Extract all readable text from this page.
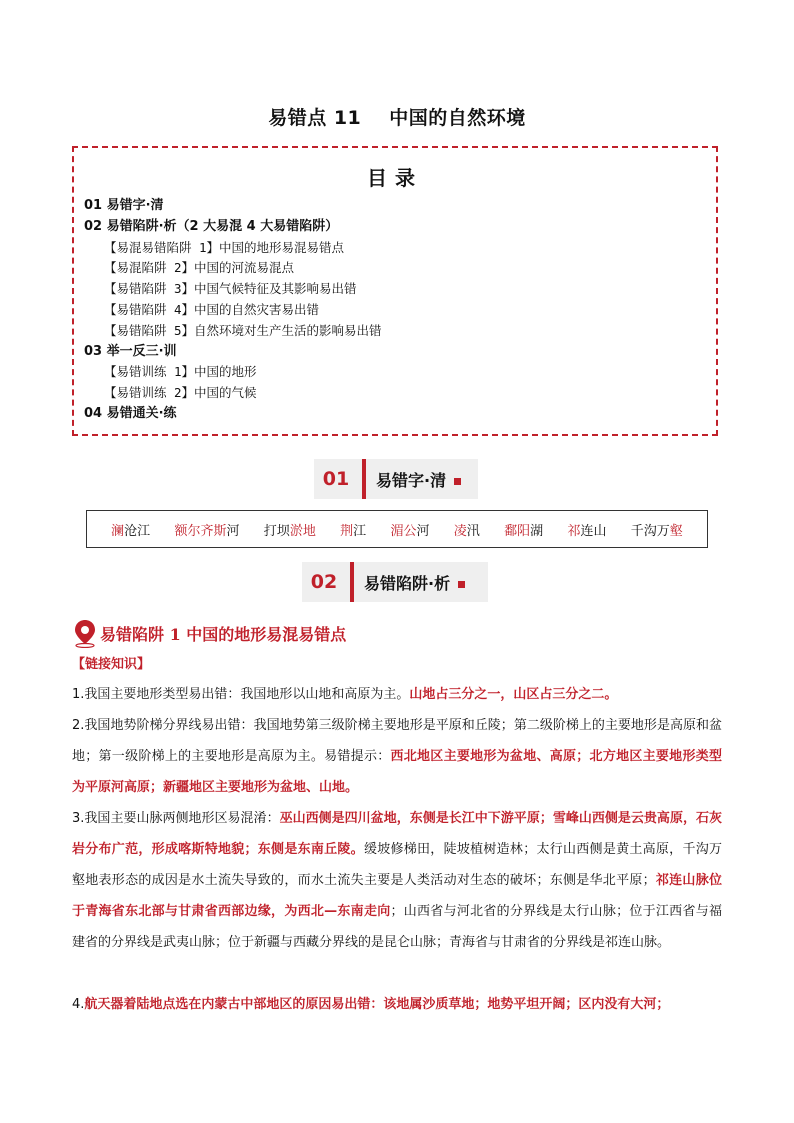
易错点 11 中国的自然环境
目录
01 易错字·清
02 易错陷阱·析（2 大易混 4 大易错陷阱）
【易混易错陷阱 1】中国的地形易混易错点
【易混陷阱 2】中国的河流易混点
【易错陷阱 3】中国气候特征及其影响易出错
【易错陷阱 4】中国的自然灾害易出错
【易错陷阱 5】自然环境对生产生活的影响易出错
03 举一反三·训
【易错训练 1】中国的地形
【易错训练 2】中国的气候
04 易错通关·练
01 易错字·清
澜沧江 额尔齐斯河 打坝淤地 荆江 湄公河 凌汛 鄱阳湖 祁连山 千沟万壑
02 易错陷阱·析
易错陷阱 1 中国的地形易混易错点
【链接知识】
1.我国主要地形类型易出错：我国地形以山地和高原为主。山地占三分之一，山区占三分之二。
2.我国地势阶梯分界线易出错：我国地势第三级阶梯主要地形是平原和丘陵；第二级阶梯上的主要地形是高原和盆地；第一级阶梯上的主要地形是高原为主。易错提示：西北地区主要地形为盆地、高原；北方地区主要地形类型为平原河高原；新疆地区主要地形为盆地、山地。
3.我国主要山脉两侧地形区易混淆：巫山西侧是四川盆地，东侧是长江中下游平原；雪峰山西侧是云贵高原，石灰岩分布广范，形成喀斯特地貌；东侧是东南丘陵。缓坡修梯田，陡坡植树造林；太行山西侧是黄土高原，千沟万壑地表形态的成因是水土流失导致的，而水土流失主要是人类活动对生态的破坏；东侧是华北平原；祁连山脉位于青海省东北部与甘肃省西部边缘，为西北—东南走向；山西省与河北省的分界线是太行山脉；位于江西省与福建省的分界线是武夷山脉；位于新疆与西藏分界线的是昆仑山脉；青海省与甘肃省的分界线是祁连山脉。
4.航天器着陆地点选在内蒙古中部地区的原因易出错：该地属沙质草地；地势平坦开阔；区内没有大河；
